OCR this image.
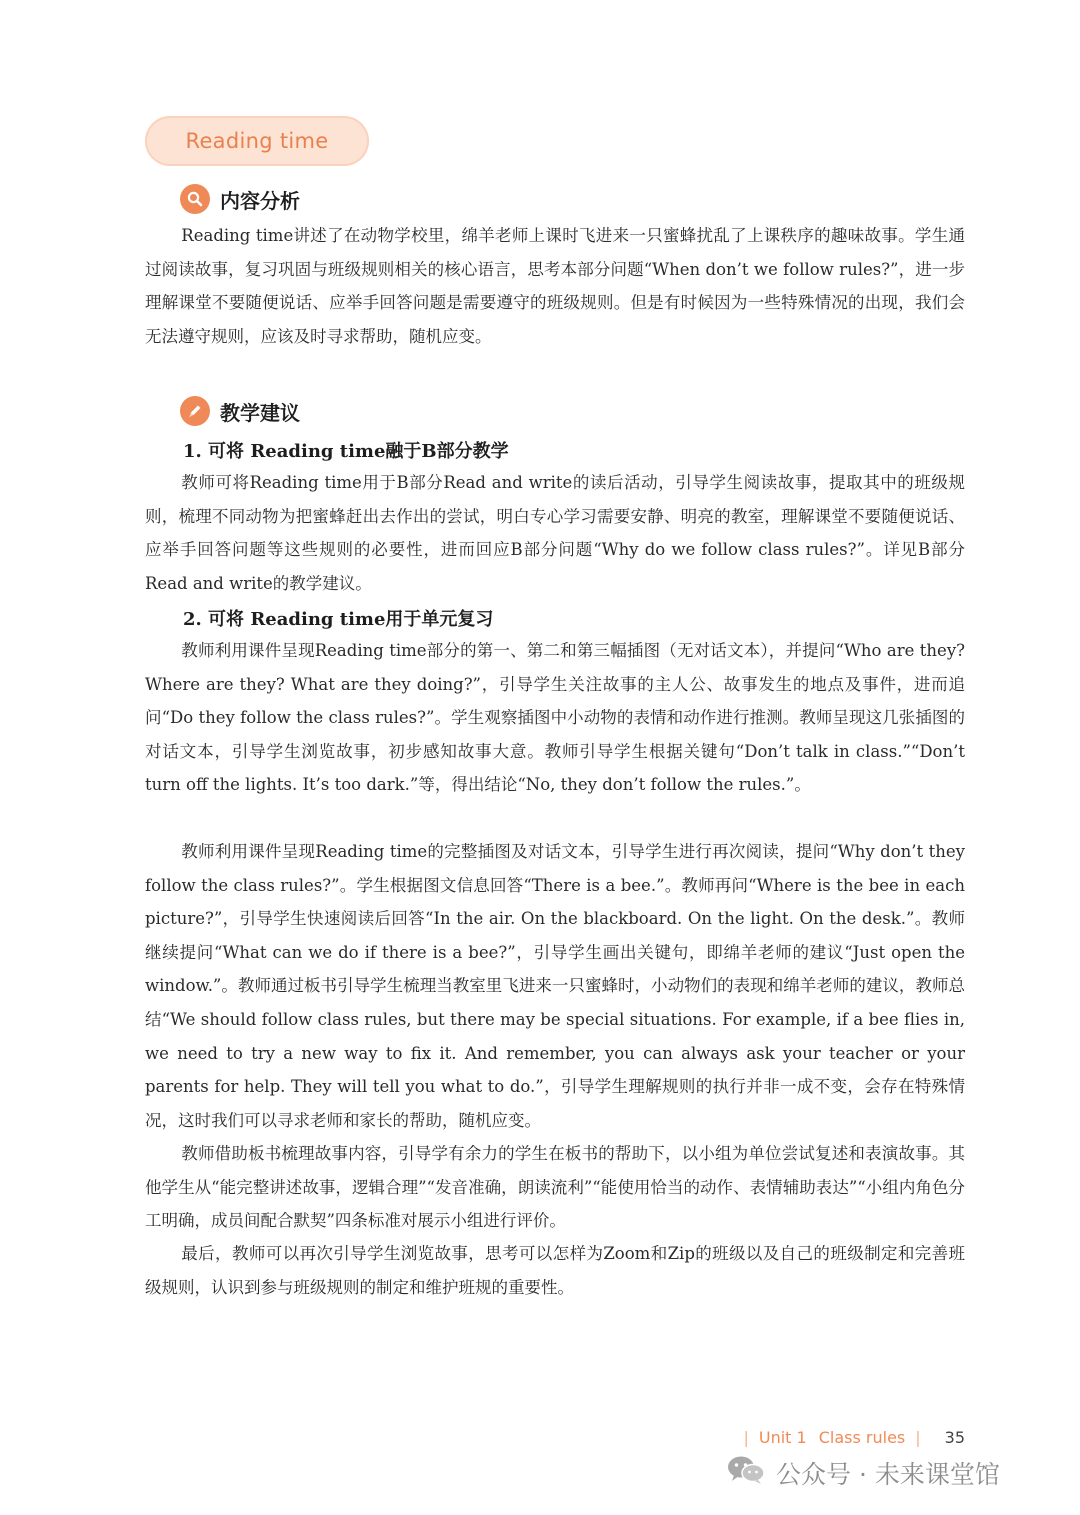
Reading time
内容分析

Reading time讲述了在动物学校里，绵羊老师上课时飞进来一只蜜蜂扰乱了上课秩序的趣味故事。学生通过阅读故事，复习巩固与班级规则相关的核心语言，思考本部分问题“When don’t we follow rules?”，进一步理解课堂不要随便说话、应举手回答问题是需要遵守的班级规则。但是有时候因为一些特殊情况的出现，我们会无法遵守规则，应该及时寻求帮助，随机应变。

教学建议

1. 可将 Reading time融于B部分教学

教师可将Reading time用于B部分Read and write的读后活动，引导学生阅读故事，提取其中的班级规则，梳理不同动物为把蜜蜂赶出去作出的尝试，明白专心学习需要安静、明亮的教室，理解课堂不要随便说话、应举手回答问题等这些规则的必要性，进而回应B部分问题“Why do we follow class rules?”。详见B部分Read and write的教学建议。

2. 可将 Reading time用于单元复习

教师利用课件呈现Reading time部分的第一、第二和第三幅插图（无对话文本），并提问“Who are they? Where are they? What are they doing?”，引导学生关注故事的主人公、故事发生的地点及事件，进而追问“Do they follow the class rules?”。学生观察插图中小动物的表情和动作进行推测。教师呈现这几张插图的对话文本，引导学生浏览故事，初步感知故事大意。教师引导学生根据关键句“Don’t talk in class.”“Don’t turn off the lights. It’s too dark.”等，得出结论“No, they don’t follow the rules.”。

教师利用课件呈现Reading time的完整插图及对话文本，引导学生进行再次阅读，提问“Why don’t they follow the class rules?”。学生根据图文信息回答“There is a bee.”。教师再问“Where is the bee in each picture?”，引导学生快速阅读后回答“In the air. On the blackboard. On the light. On the desk.”。教师继续提问“What can we do if there is a bee?”，引导学生画出关键句，即绵羊老师的建议“Just open the window.”。教师通过板书引导学生梳理当教室里飞进来一只蜜蜂时，小动物们的表现和绵羊老师的建议，教师总结“We should follow class rules, but there may be special situations. For example, if a bee flies in, we need to try a new way to fix it. And remember, you can always ask your teacher or your parents for help. They will tell you what to do.”，引导学生理解规则的执行并非一成不变，会存在特殊情况，这时我们可以寻求老师和家长的帮助，随机应变。

教师借助板书梳理故事内容，引导学有余力的学生在板书的帮助下，以小组为单位尝试复述和表演故事。其他学生从“能完整讲述故事，逻辑合理”“发音准确，朗读流利”“能使用恰当的动作、表情辅助表达”“小组内角色分工明确，成员间配合默契”四条标准对展示小组进行评价。

最后，教师可以再次引导学生浏览故事，思考可以怎样为Zoom和Zip的班级以及自己的班级制定和完善班级规则，认识到参与班级规则的制定和维护班规的重要性。

| Unit 1 Class rules | 35
公众号 · 未来课堂馆
